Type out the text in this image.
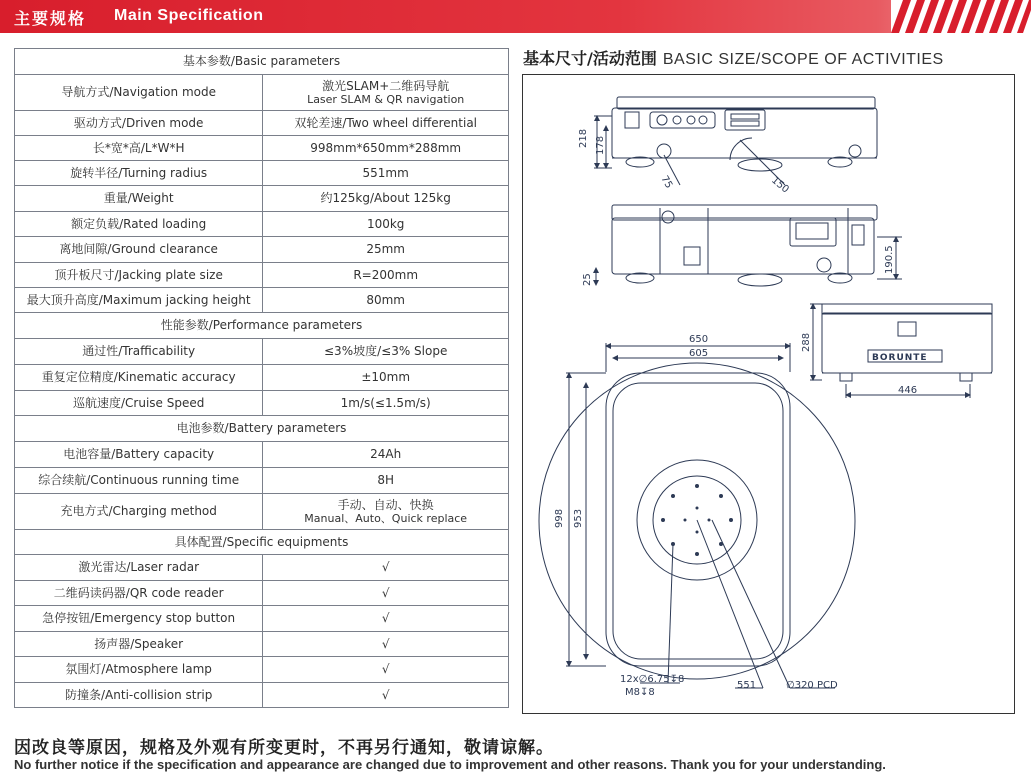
主要规格 Main Specification
基本参数/Basic parameters	
导航方式/Navigation mode	激光SLAM+二维码导航
Laser SLAM & QR navigation

驱动方式/Driven mode	双轮差速/Two wheel differential
长*宽*高/L*W*H	998mm*650mm*288mm
旋转半径/Turning radius	551mm
重量/Weight	约125kg/About 125kg
额定负载/Rated loading	100kg
离地间隙/Ground clearance	25mm
顶升板尺寸/Jacking plate size	R=200mm
最大顶升高度/Maximum jacking height	80mm
性能参数/Performance parameters	
通过性/Trafficability	≤3%坡度/≤3% Slope
重复定位精度/Kinematic accuracy	±10mm
巡航速度/Cruise Speed	1m/s(≤1.5m/s)
电池参数/Battery parameters	
电池容量/Battery capacity	24Ah
综合续航/Continuous running time	8H
充电方式/Charging method	手动、自动、快换
Manual、Auto、Quick replace

具体配置/Specific equipments	
激光雷达/Laser radar	√
二维码读码器/QR code reader	√
急停按钮/Emergency stop button	√
扬声器/Speaker	√
氛围灯/Atmosphere lamp	√
防撞条/Anti-collision strip	√
基本尺寸/活动范围 BASIC SIZE/SCOPE OF ACTIVITIES
218 178
75	150
25
190.5
650
605
998 953
288
446
12x∅6.75↧8
M8↧8
551	∅320 PCD
BORUNTE
因改良等原因，规格及外观有所变更时，不再另行通知，敬请谅解。
No further notice if the specification and appearance are changed due to improvement and other reasons. Thank you for your understanding.
